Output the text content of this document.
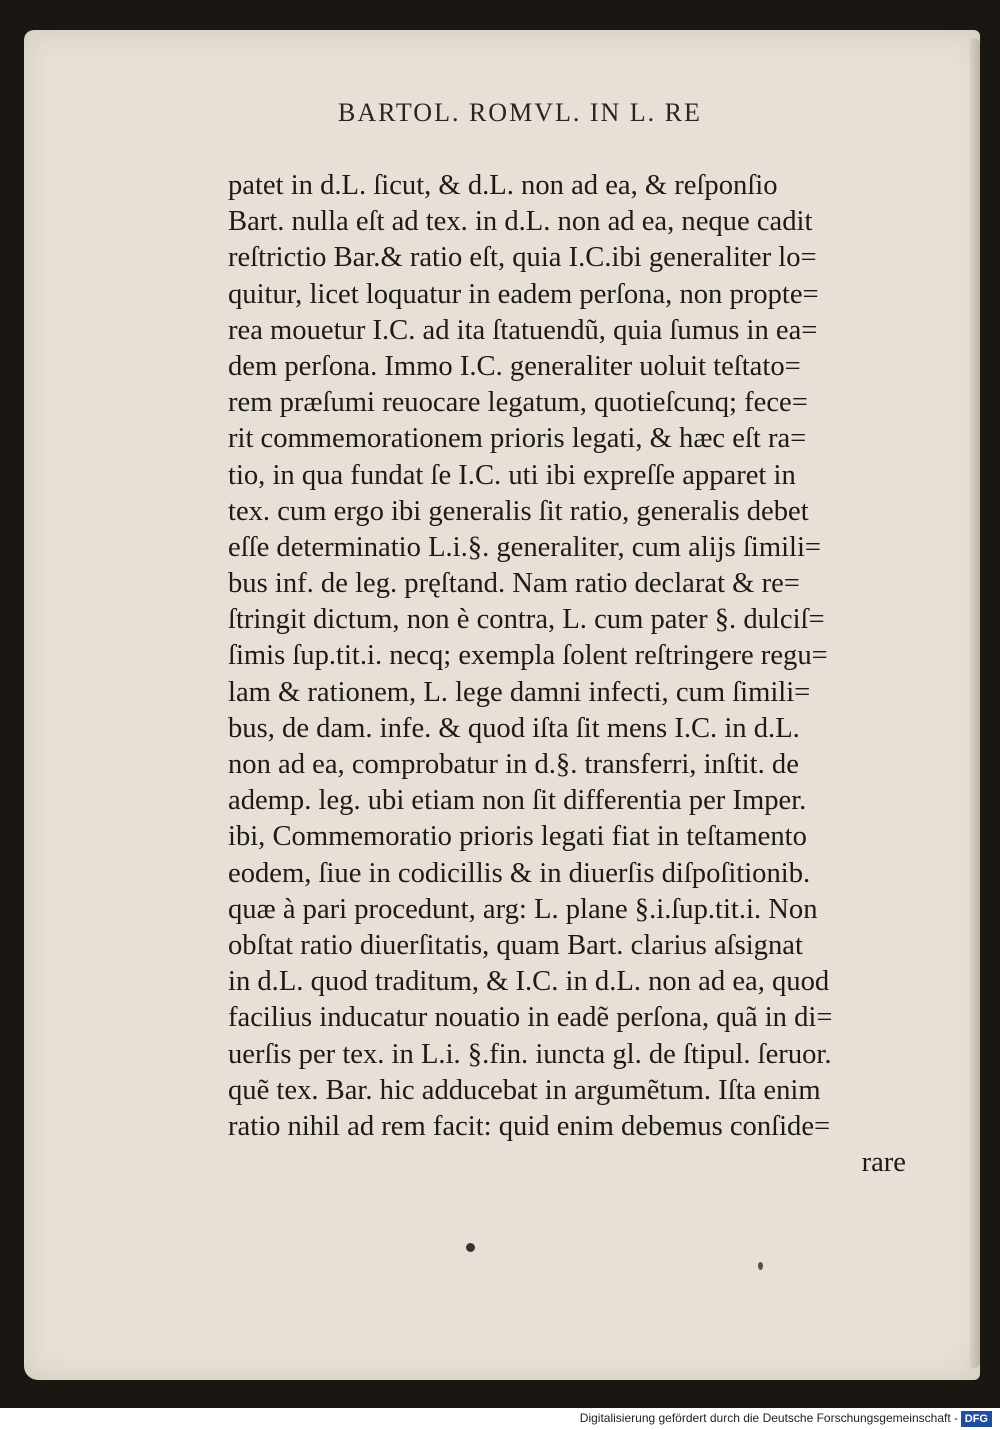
BARTOL. ROMVL. IN L. RE
patet in d.L. ſicut, & d.L. non ad ea, & reſponſio
Bart. nulla eſt ad tex. in d.L. non ad ea, neque cadit
reſtrictio Bar.& ratio eſt, quia I.C.ibi generaliter lo=
quitur, licet loquatur in eadem perſona, non propte=
rea mouetur I.C. ad ita ſtatuendũ, quia ſumus in ea=
dem perſona. Immo I.C. generaliter uoluit teſtato=
rem præſumi reuocare legatum, quotieſcunq; fece=
rit commemorationem prioris legati, & hæc eſt ra=
tio, in qua fundat ſe I.C. uti ibi expreſſe apparet in
tex. cum ergo ibi generalis ſit ratio, generalis debet
eſſe determinatio L.i.§. generaliter, cum alijs ſimili=
bus inf. de leg. pręſtand. Nam ratio declarat & re=
ſtringit dictum, non è contra, L. cum pater §. dulciſ=
ſimis ſup.tit.i. necq; exempla ſolent reſtringere regu=
lam & rationem, L. lege damni infecti, cum ſimili=
bus, de dam. infe. & quod iſta ſit mens I.C. in d.L.
non ad ea, comprobatur in d.§. transferri, inſtit. de
ademp. leg. ubi etiam non ſit differentia per Imper.
ibi, Commemoratio prioris legati fiat in teſtamento
eodem, ſiue in codicillis & in diuerſis diſpoſitionib.
quæ à pari procedunt, arg: L. plane §.i.ſup.tit.i. Non
obſtat ratio diuerſitatis, quam Bart. clarius aſsignat
in d.L. quod traditum, & I.C. in d.L. non ad ea, quod
facilius inducatur nouatio in eadẽ perſona, quã in di=
uerſis per tex. in L.i. §.fin. iuncta gl. de ſtipul. ſeruor.
quẽ tex. Bar. hic adducebat in argumẽtum. Iſta enim
ratio nihil ad rem facit: quid enim debemus conſide=
rare
Digitalisierung gefördert durch die Deutsche Forschungsgemeinschaft - DFG
